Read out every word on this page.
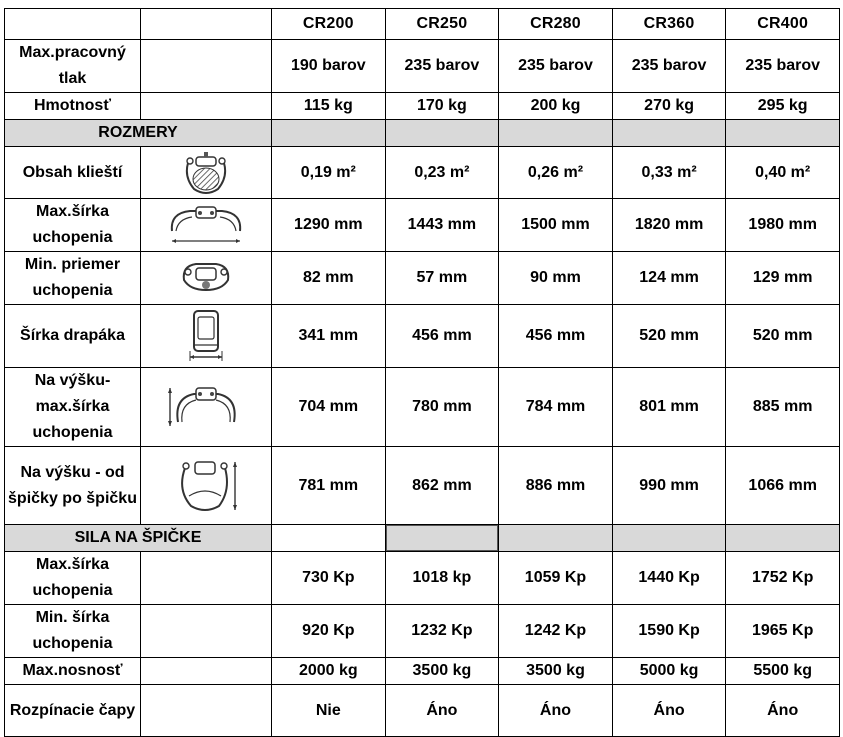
		CR200	CR250	CR280	CR360	CR400
Max.pracovný tlak		190 barov	235 barov	235 barov	235 barov	235 barov
Hmotnosť		115 kg	170 kg	200 kg	270 kg	295 kg
ROZMERY						
Obsah klieští		0,19 m²	0,23 m²	0,26 m²	0,33 m²	0,40 m²
Max.šírka uchopenia		1290 mm	1443 mm	1500 mm	1820 mm	1980 mm
Min. priemer uchopenia		82 mm	57 mm	90 mm	124 mm	129 mm
Šírka drapáka		341 mm	456 mm	456 mm	520 mm	520 mm
Na výšku-max.šírka uchopenia		704 mm	780 mm	784 mm	801 mm	885 mm
Na výšku - od špičky po špičku		781 mm	862 mm	886 mm	990 mm	1066 mm
SILA NA ŠPIČKE						
Max.šírka uchopenia		730 Kp	1018 kp	1059 Kp	1440 Kp	1752 Kp
Min. šírka uchopenia		920 Kp	1232 Kp	1242 Kp	1590 Kp	1965 Kp
Max.nosnosť		2000 kg	3500 kg	3500 kg	5000 kg	5500 kg
Rozpínacie čapy		Nie	Áno	Áno	Áno	Áno
